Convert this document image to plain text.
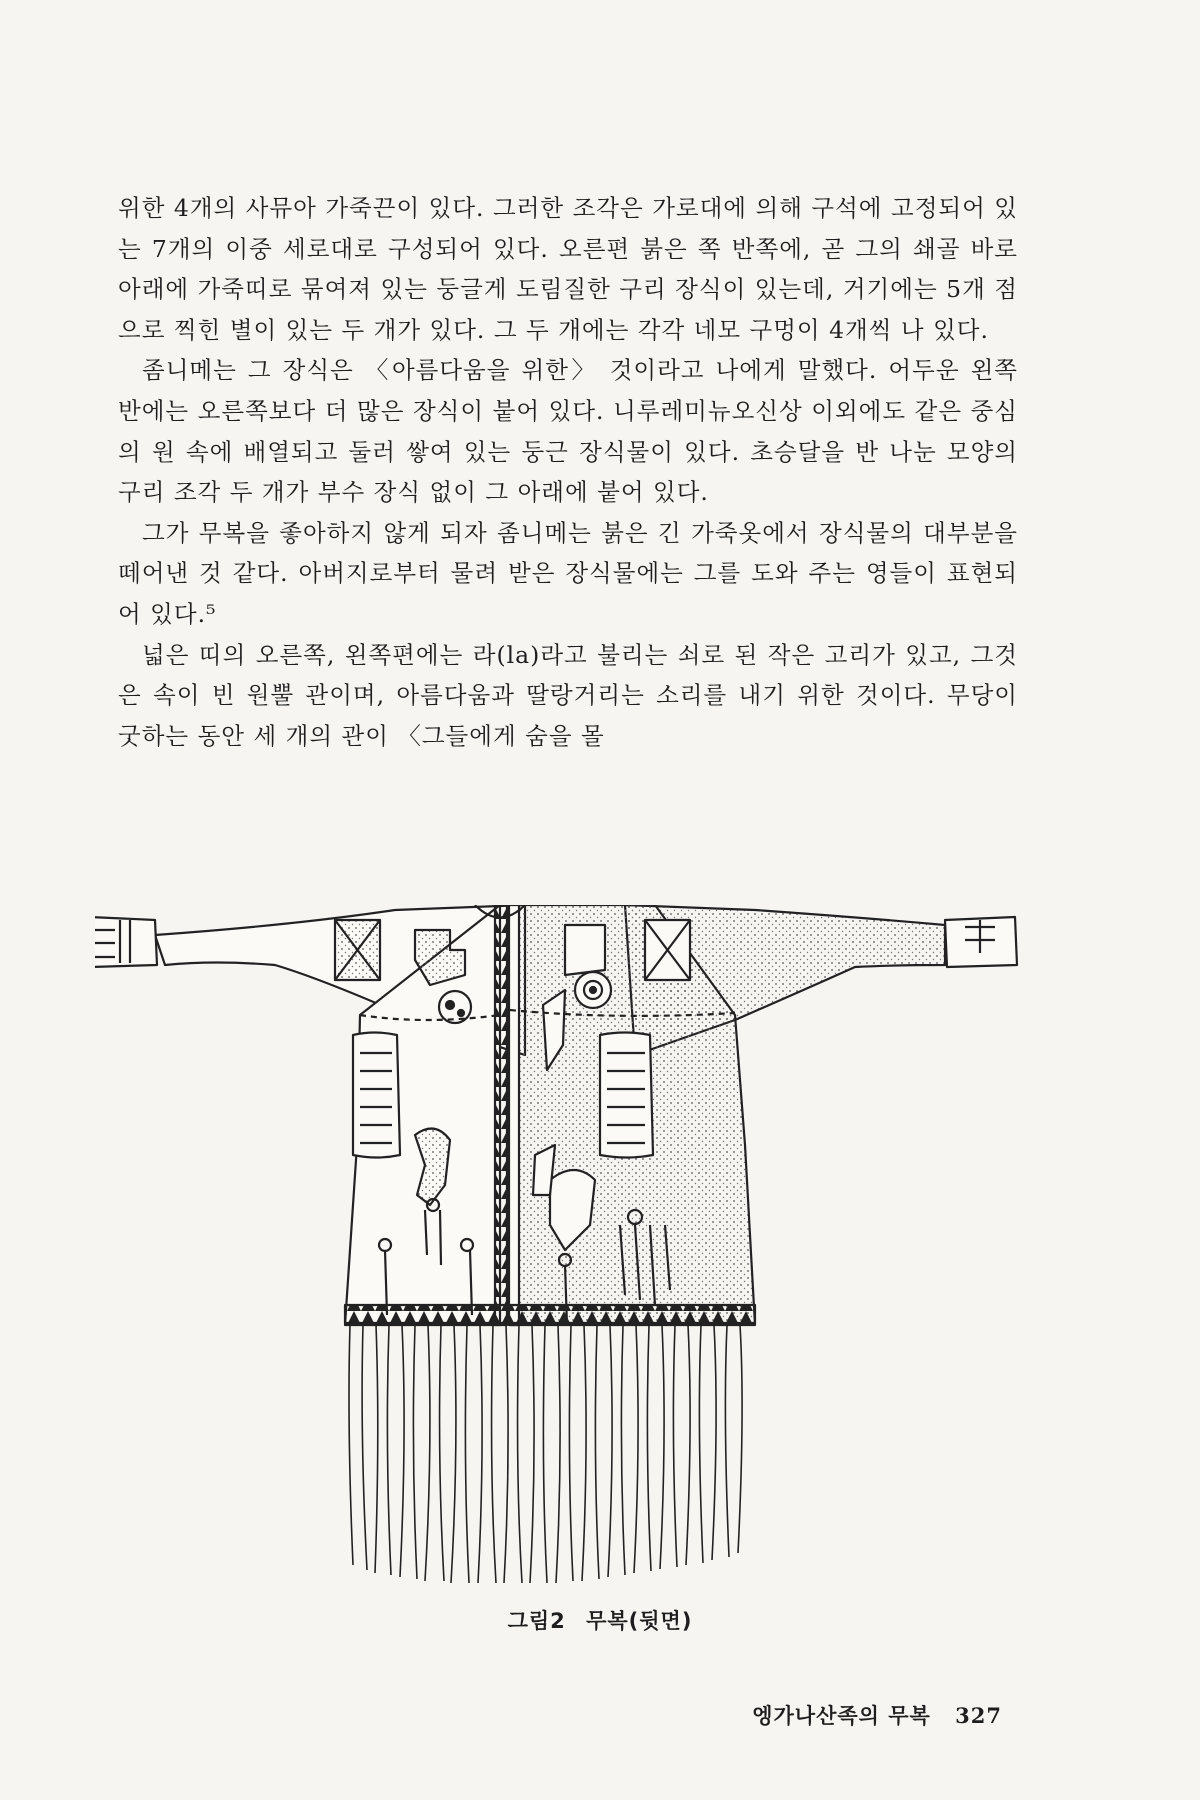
위한 4개의 사뮤아 가죽끈이 있다. 그러한 조각은 가로대에 의해 구석에 고정되어 있는 7개의 이중 세로대로 구성되어 있다. 오른편 붉은 쪽 반쪽에, 곧 그의 쇄골 바로 아래에 가죽띠로 묶여져 있는 둥글게 도림질한 구리 장식이 있는데, 거기에는 5개 점으로 찍힌 별이 있는 두 개가 있다. 그 두 개에는 각각 네모 구멍이 4개씩 나 있다.

좀니메는 그 장식은 〈아름다움을 위한〉 것이라고 나에게 말했다. 어두운 왼쪽 반에는 오른쪽보다 더 많은 장식이 붙어 있다. 니루레미뉴오신상 이외에도 같은 중심의 원 속에 배열되고 둘러 쌓여 있는 둥근 장식물이 있다. 초승달을 반 나눈 모양의 구리 조각 두 개가 부수 장식 없이 그 아래에 붙어 있다.

그가 무복을 좋아하지 않게 되자 좀니메는 붉은 긴 가죽옷에서 장식물의 대부분을 떼어낸 것 같다. 아버지로부터 물려 받은 장식물에는 그를 도와 주는 영들이 표현되어 있다.⁵

넓은 띠의 오른쪽, 왼쪽편에는 라(la)라고 불리는 쇠로 된 작은 고리가 있고, 그것은 속이 빈 원뿔 관이며, 아름다움과 딸랑거리는 소리를 내기 위한 것이다. 무당이 굿하는 동안 세 개의 관이 〈그들에게 숨을 몰

그림2 무복(뒷면)
엥가나산족의 무복 327
